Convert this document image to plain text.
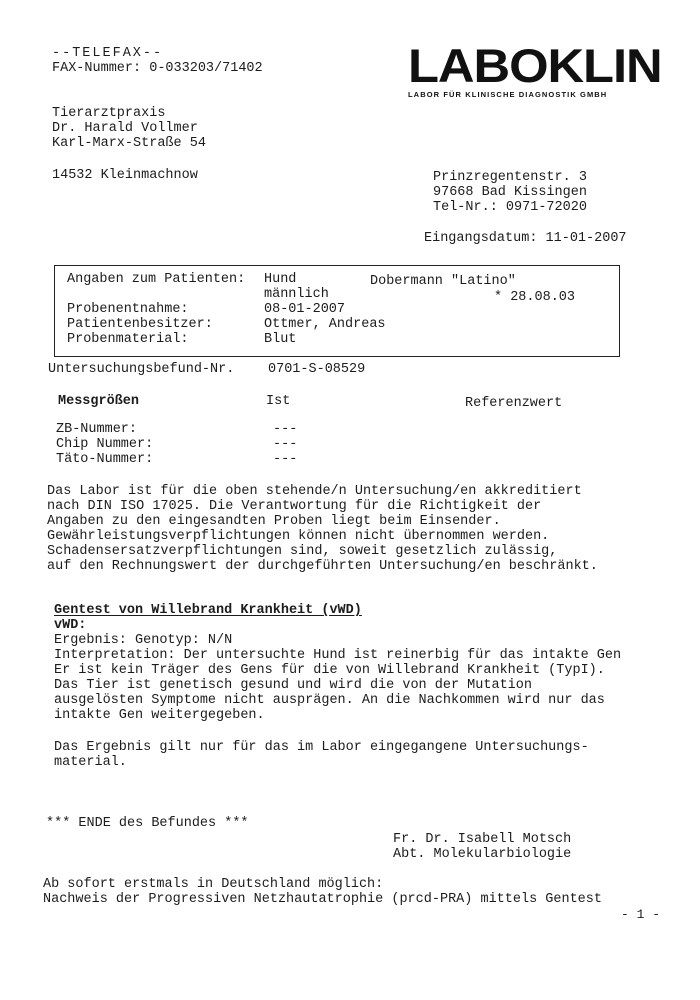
--TELEFAX--
FAX-Nummer: 0-033203/71402	LABOKLIN
LABOR FÜR KLINISCHE DIAGNOSTIK GMBH
Tierarztpraxis
Dr. Harald Vollmer
Karl-Marx-Straße 54
14532 Kleinmachnow	Prinzregentenstr. 3
97668 Bad Kissingen
Tel-Nr.: 0971-72020
Eingangsdatum: 11-01-2007
Angaben zum Patienten: Hund	Dobermann "Latino"
männlich	* 28.08.03
Probenentnahme:	08-01-2007
Patientenbesitzer:	Ottmer, Andreas
Probenmaterial:	Blut
Untersuchungsbefund-Nr. 0701-S-08529
Messgrößen	Ist	Referenzwert
ZB-Nummer:	---
Chip Nummer:	---
Täto-Nummer:	---
Das Labor ist für die oben stehende/n Untersuchung/en akkreditiert
nach DIN ISO 17025. Die Verantwortung für die Richtigkeit der
Angaben zu den eingesandten Proben liegt beim Einsender.
Gewährleistungsverpflichtungen können nicht übernommen werden.
Schadensersatzverpflichtungen sind, soweit gesetzlich zulässig,
auf den Rechnungswert der durchgeführten Untersuchung/en beschränkt.
Gentest von Willebrand Krankheit (vWD)
vWD:
Ergebnis: Genotyp: N/N
Interpretation: Der untersuchte Hund ist reinerbig für das intakte Gen
Er ist kein Träger des Gens für die von Willebrand Krankheit (TypI).
Das Tier ist genetisch gesund und wird die von der Mutation
ausgelösten Symptome nicht ausprägen. An die Nachkommen wird nur das
intakte Gen weitergegeben.
Das Ergebnis gilt nur für das im Labor eingegangene Untersuchungs-
material.
*** ENDE des Befundes ***
Fr. Dr. Isabell Motsch
Abt. Molekularbiologie
Ab sofort erstmals in Deutschland möglich:
Nachweis der Progressiven Netzhautatrophie (prcd-PRA) mittels Gentest
- 1 -
